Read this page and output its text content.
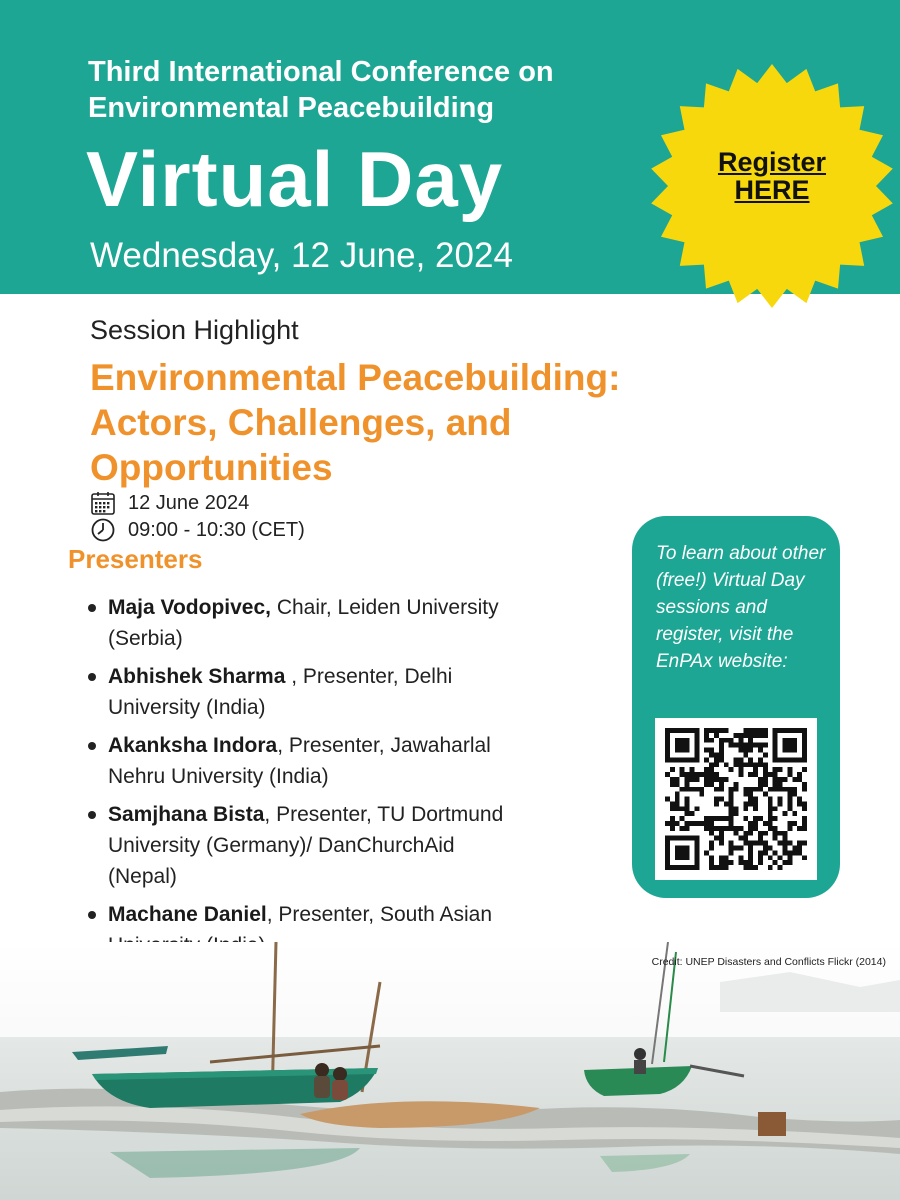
Third International Conference on
Environmental Peacebuilding
Virtual Day
Wednesday, 12 June, 2024
Register
HERE
Session Highlight
Environmental Peacebuilding:
Actors, Challenges, and
Opportunities
12 June 2024
09:00 - 10:30 (CET)
Presenters
Maja Vodopivec, Chair, Leiden University
(Serbia)
Abhishek Sharma , Presenter, Delhi
University (India)
Akanksha Indora, Presenter, Jawaharlal
Nehru University (India)
Samjhana Bista, Presenter, TU Dortmund
University (Germany)/ DanChurchAid
(Nepal)
Machane Daniel, Presenter, South Asian

To learn about other (free!) Virtual Day sessions and register, visit the EnPAx website:
Credit: UNEP Disasters and Conflicts Flickr (2014)
